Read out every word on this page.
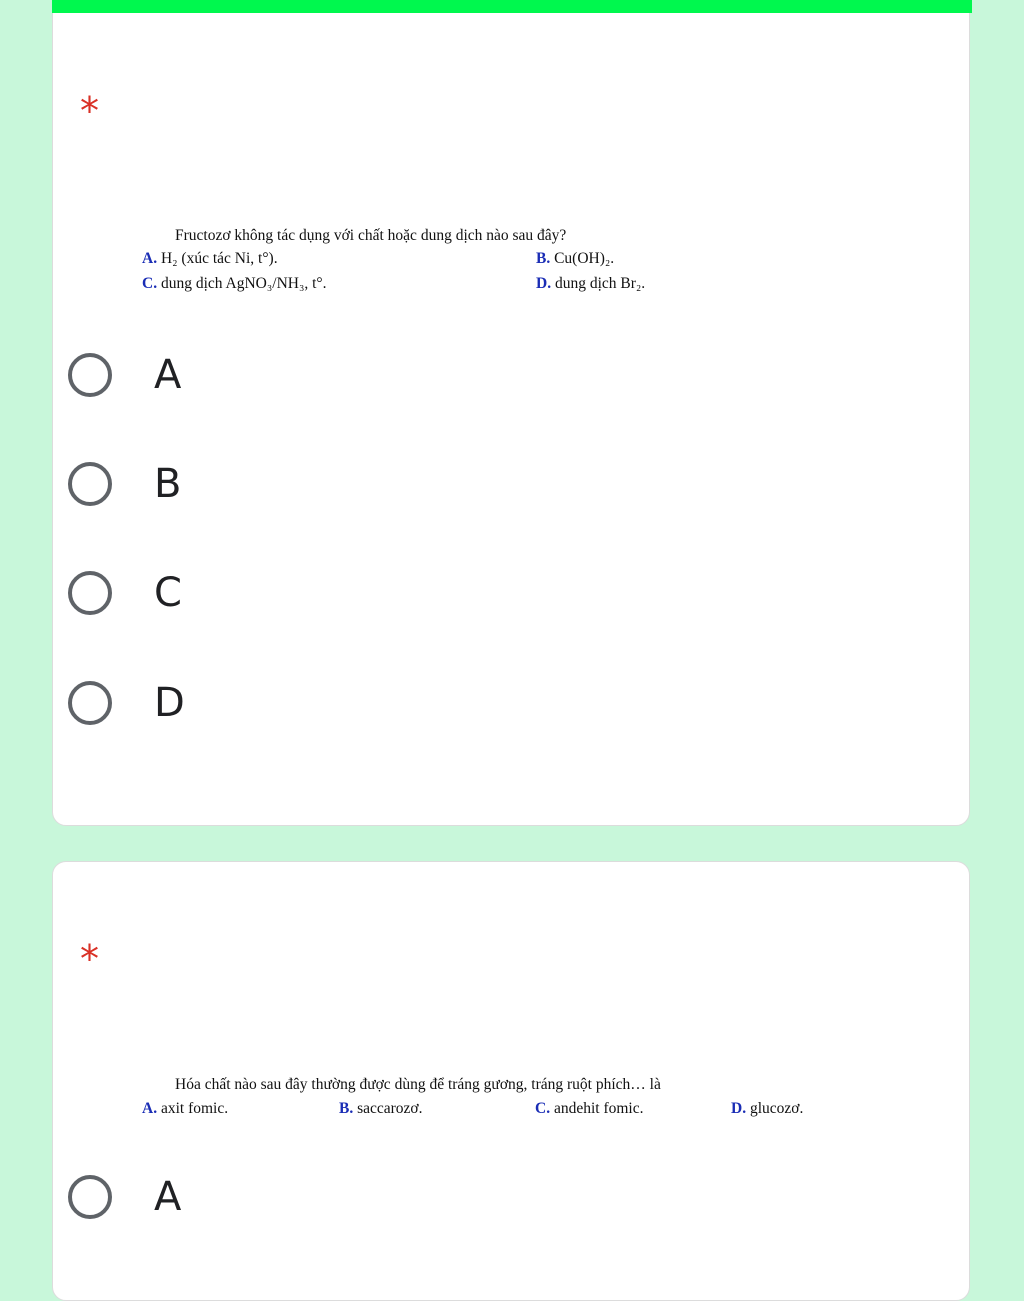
*
Fructozơ không tác dụng với chất hoặc dung dịch nào sau đây?
A. H₂ (xúc tác Ni, t°).	B. Cu(OH)₂.
C. dung dịch AgNO₃/NH₃, t°.	D. dung dịch Br₂.
A
B
C
D
*
Hóa chất nào sau đây thường được dùng để tráng gương, tráng ruột phích… là
A. axit fomic.	B. saccarozơ.	C. andehit fomic.	D. glucozơ.
A
